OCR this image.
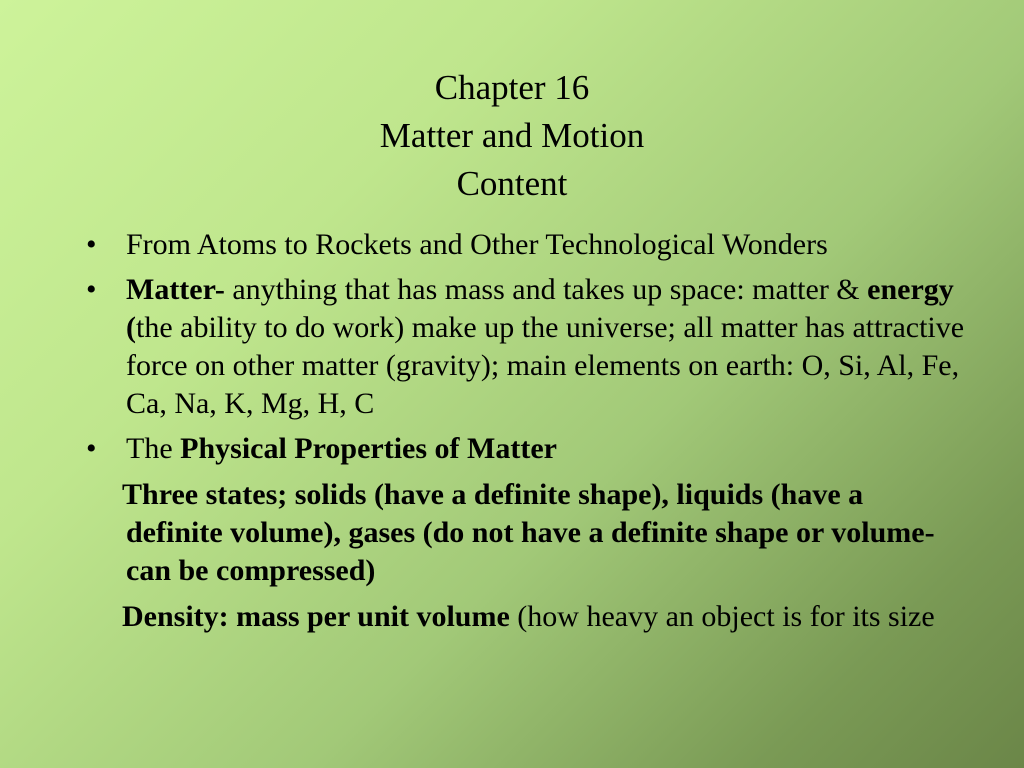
Chapter 16
Matter and Motion
Content
• From Atoms to Rockets and Other Technological Wonders
• Matter- anything that has mass and takes up space: matter & energy (the ability to do work) make up the universe; all matter has attractive force on other matter (gravity); main elements on earth: O, Si, Al, Fe, Ca, Na, K, Mg, H, C
• The Physical Properties of Matter
Three states; solids (have a definite shape), liquids (have a definite volume), gases (do not have a definite shape or volume- can be compressed)
Density: mass per unit volume (how heavy an object is for its size
